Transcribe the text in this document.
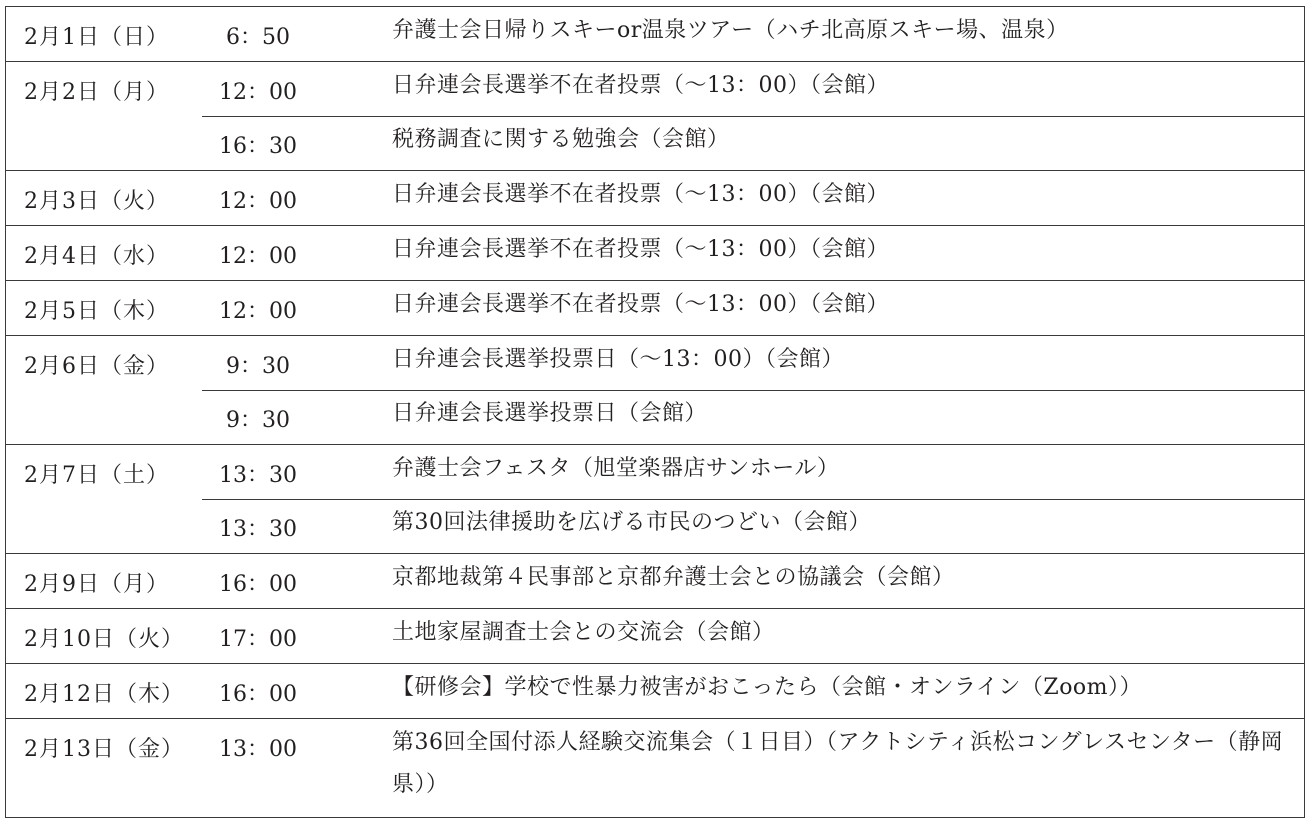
2月1日（日）	6：50	弁護士会日帰りスキーor温泉ツアー（ハチ北高原スキー場、温泉）
2月2日（月）	12：00	日弁連会長選挙不在者投票（～13：00）（会館）
16：30	税務調査に関する勉強会（会館）
2月3日（火）	12：00	日弁連会長選挙不在者投票（～13：00）（会館）
2月4日（水）	12：00	日弁連会長選挙不在者投票（～13：00）（会館）
2月5日（木）	12：00	日弁連会長選挙不在者投票（～13：00）（会館）
2月6日（金）	9：30	日弁連会長選挙投票日（～13：00）（会館）
9：30	日弁連会長選挙投票日（会館）
2月7日（土）	13：30	弁護士会フェスタ（旭堂楽器店サンホール）
13：30	第30回法律援助を広げる市民のつどい（会館）
2月9日（月）	16：00	京都地裁第４民事部と京都弁護士会との協議会（会館）
2月10日（火）	17：00	土地家屋調査士会との交流会（会館）
2月12日（木）	16：00	【研修会】学校で性暴力被害がおこったら（会館・オンライン（Zoom））
2月13日（金）	13：00	第36回全国付添人経験交流集会（１日目）（アクトシティ浜松コングレスセンター（静岡県））
